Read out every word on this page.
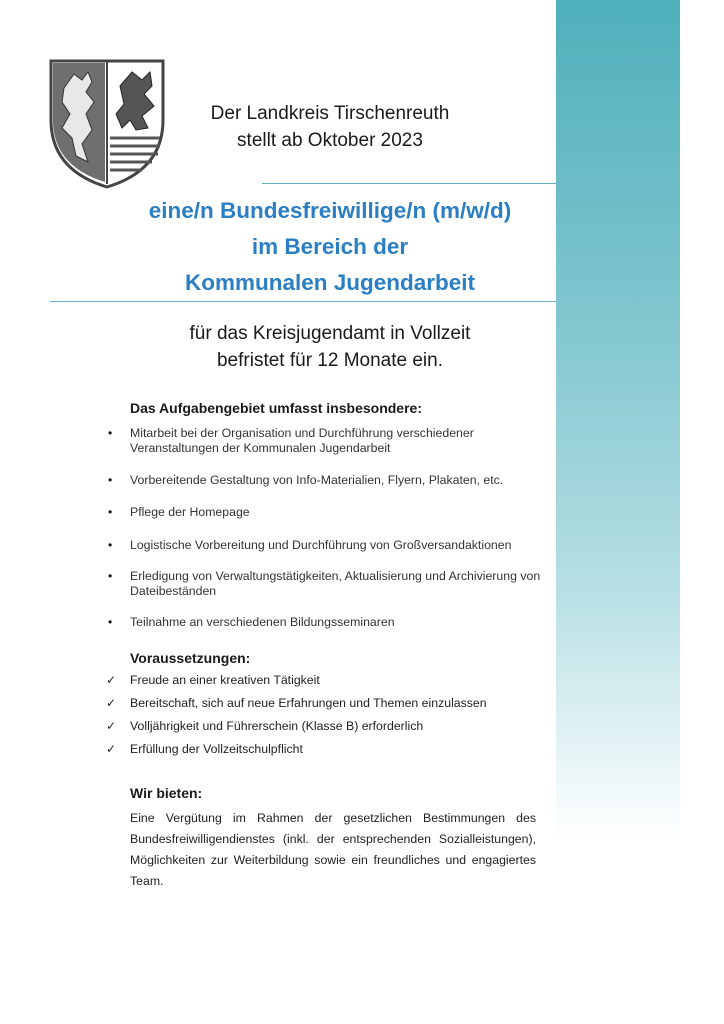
Der Landkreis Tirschenreuth
stellt ab Oktober 2023
eine/n Bundesfreiwillige/n (m/w/d)
im Bereich der
Kommunalen Jugendarbeit
für das Kreisjugendamt in Vollzeit
befristet für 12 Monate ein.
Das Aufgabengebiet umfasst insbesondere:
• Mitarbeit bei der Organisation und Durchführung verschiedener Veranstaltungen der Kommunalen Jugendarbeit
• Vorbereitende Gestaltung von Info-Materialien, Flyern, Plakaten, etc.
• Pflege der Homepage
• Logistische Vorbereitung und Durchführung von Großversandaktionen
• Erledigung von Verwaltungstätigkeiten, Aktualisierung und Archivierung von Dateibeständen
• Teilnahme an verschiedenen Bildungsseminaren
Voraussetzungen:
✓ Freude an einer kreativen Tätigkeit
✓ Bereitschaft, sich auf neue Erfahrungen und Themen einzulassen
✓ Volljährigkeit und Führerschein (Klasse B) erforderlich
✓ Erfüllung der Vollzeitschulpflicht
Wir bieten:
Eine Vergütung im Rahmen der gesetzlichen Bestimmungen des Bundesfreiwilligendienstes (inkl. der entsprechenden Sozialleistungen), Möglichkeiten zur Weiterbildung sowie ein freundliches und engagiertes Team.
